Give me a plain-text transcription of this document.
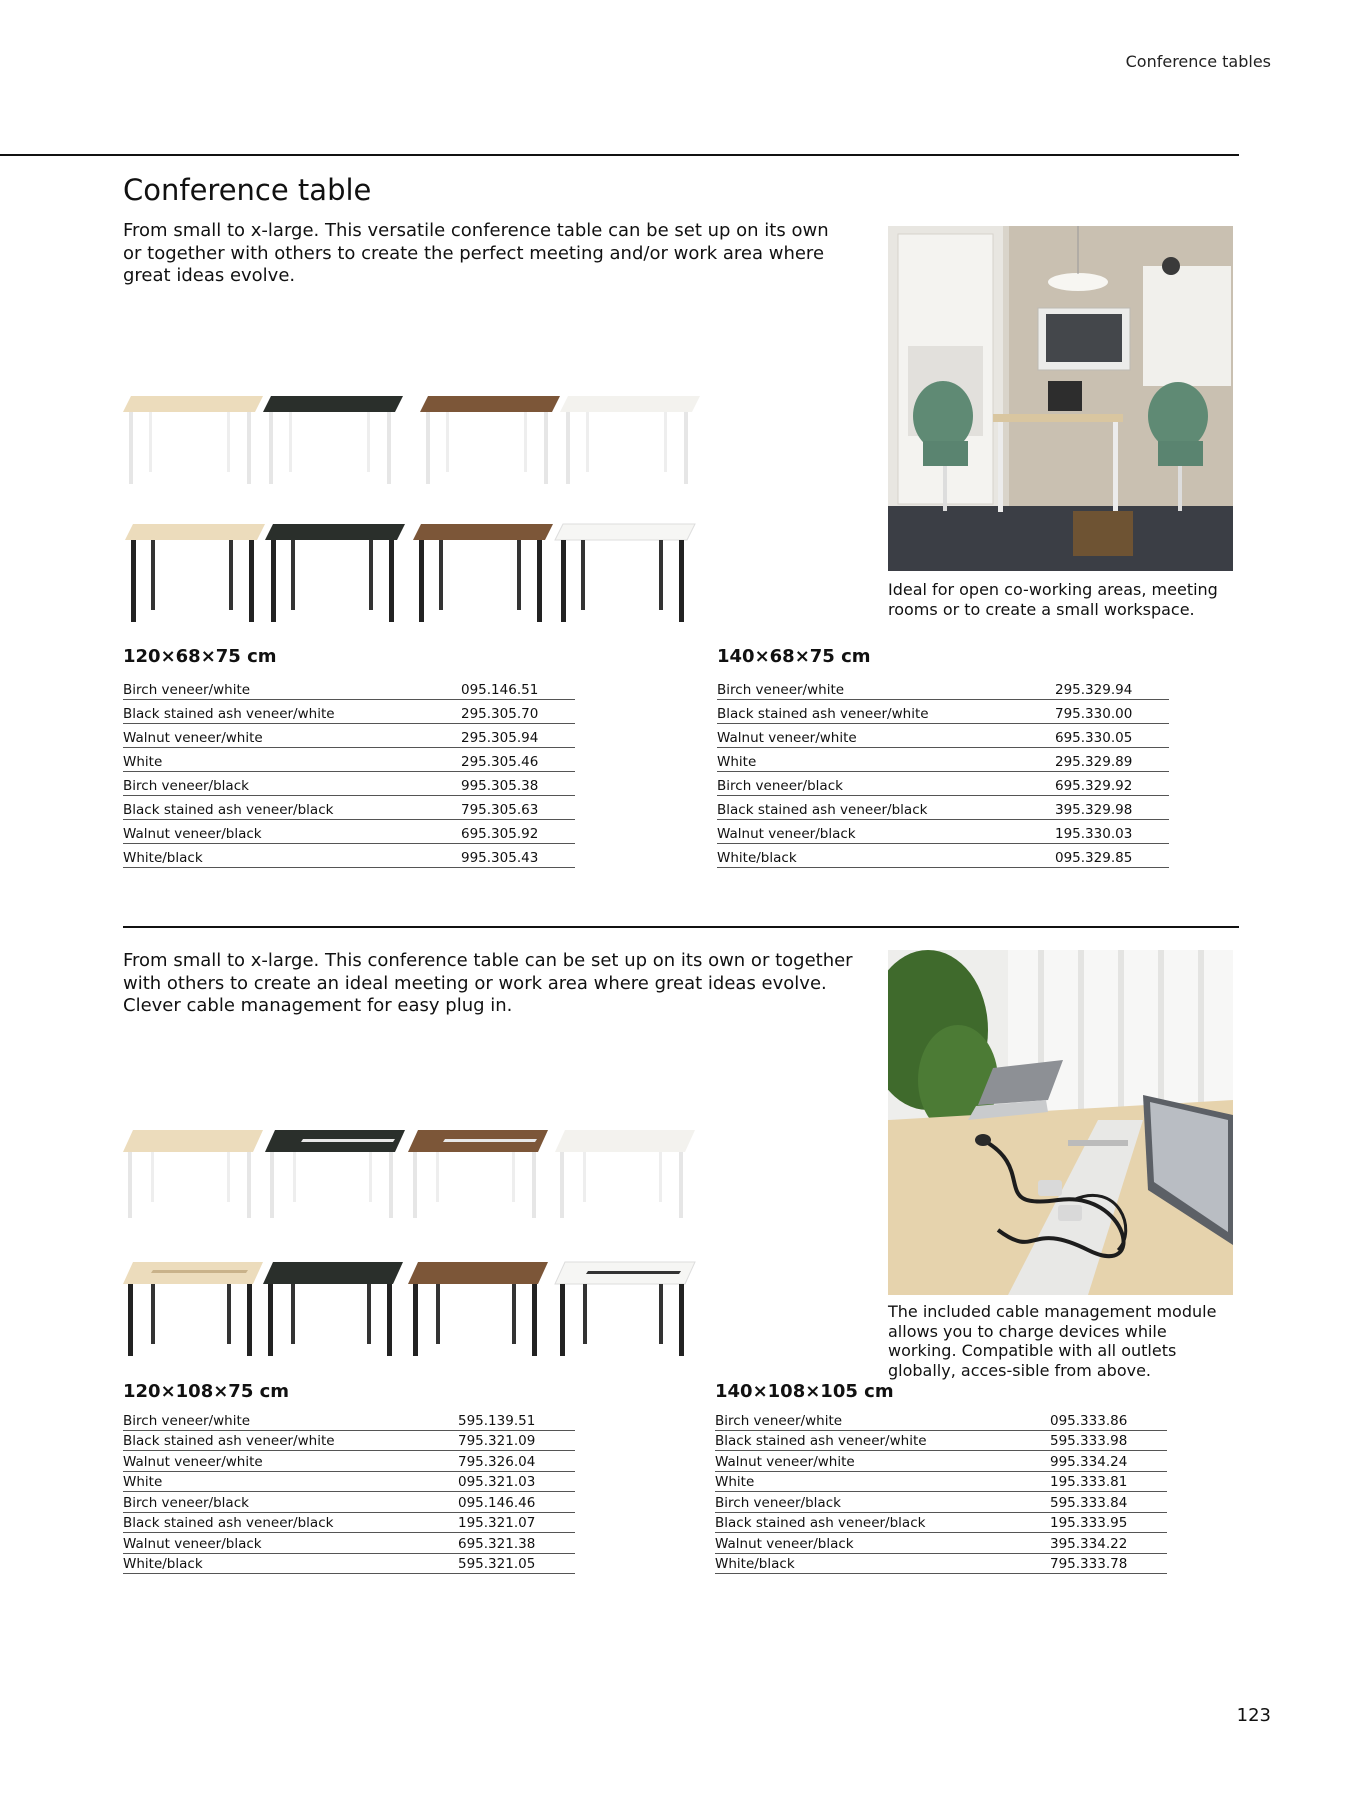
Conference tables
Conference table

From small to x-large. This versatile conference table can be set up on its own or together with others to create the perfect meeting and/or work area where great ideas evolve.

Ideal for open co-working areas, meeting rooms or to create a small workspace.

120×68×75 cm
Birch veneer/white	095.146.51
Black stained ash veneer/white	295.305.70
Walnut veneer/white	295.305.94
White	295.305.46
Birch veneer/black	995.305.38
Black stained ash veneer/black	795.305.63
Walnut veneer/black	695.305.92
White/black	995.305.43
140×68×75 cm
Birch veneer/white	295.329.94
Black stained ash veneer/white	795.330.00
Walnut veneer/white	695.330.05
White	295.329.89
Birch veneer/black	695.329.92
Black stained ash veneer/black	395.329.98
Walnut veneer/black	195.330.03
White/black	095.329.85

From small to x-large. This conference table can be set up on its own or together with others to create an ideal meeting or work area where great ideas evolve. Clever cable management for easy plug in.

The included cable management module allows you to charge devices while working. Compatible with all outlets globally, acces-sible from above.

120×108×75 cm
Birch veneer/white	595.139.51
Black stained ash veneer/white	795.321.09
Walnut veneer/white	795.326.04
White	095.321.03
Birch veneer/black	095.146.46
Black stained ash veneer/black	195.321.07
Walnut veneer/black	695.321.38
White/black	595.321.05
140×108×105 cm
Birch veneer/white	095.333.86
Black stained ash veneer/white	595.333.98
Walnut veneer/white	995.334.24
White	195.333.81
Birch veneer/black	595.333.84
Black stained ash veneer/black	195.333.95
Walnut veneer/black	395.334.22
White/black	795.333.78
123
